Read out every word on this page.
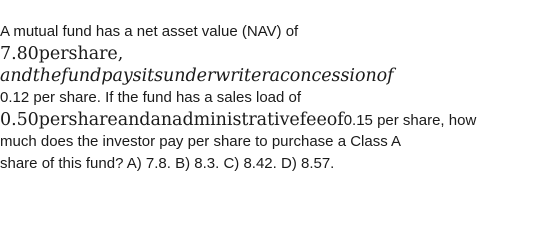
A mutual fund has a net asset value (NAV) of
7.80pershare,
andthefundpaysitsunderwriteraconcessionof
0.12 per share. If the fund has a sales load of
0.50pershareandanadministrativefeeof0.15 per share, how
much does the investor pay per share to purchase a Class A
share of this fund? A) 7.8. B) 8.3. C) 8.42. D) 8.57.
